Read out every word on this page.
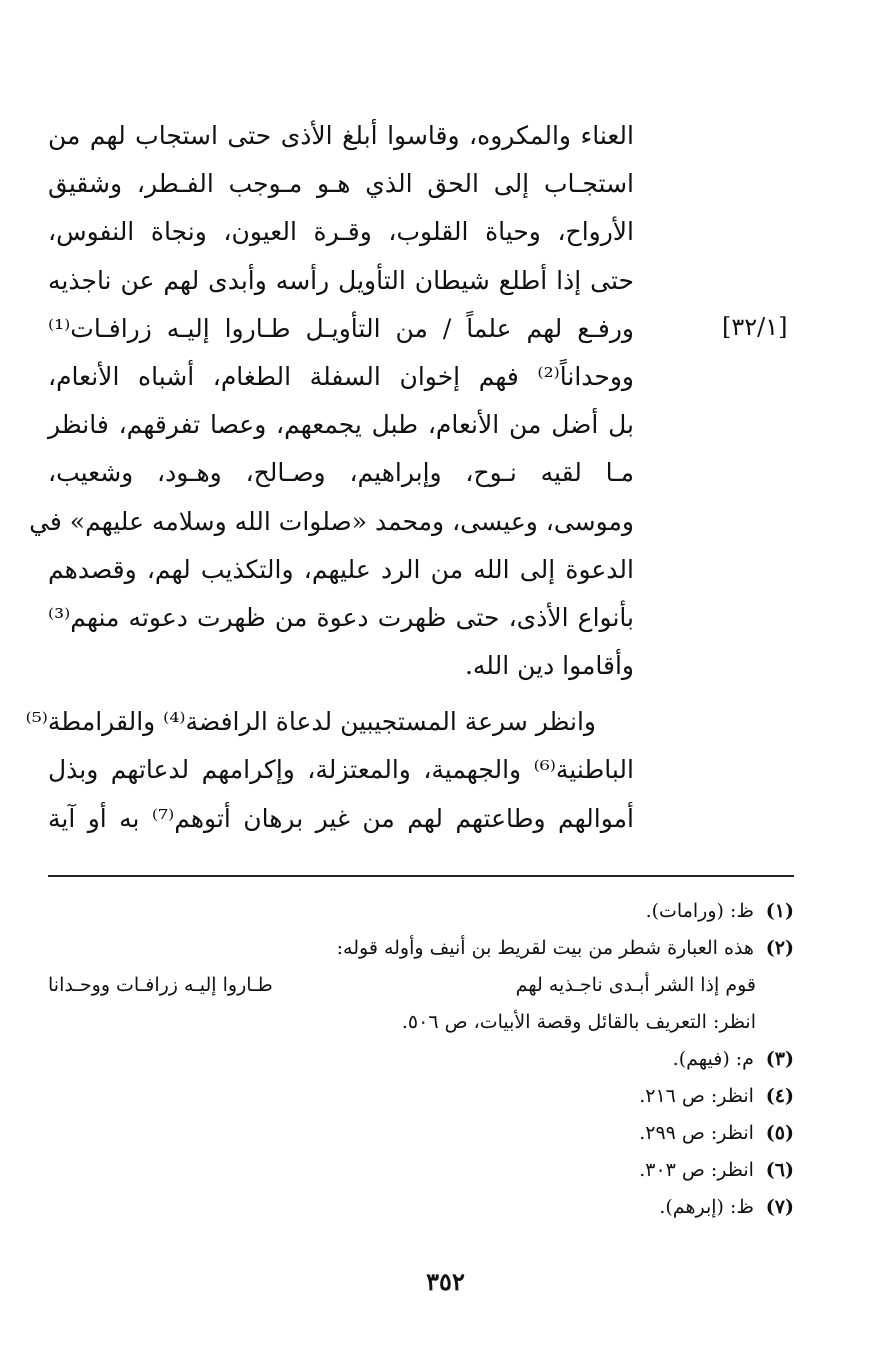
العناء والمكروه، وقاسوا أبلغ الأذى حتى استجاب لهم من
استجـاب إلى الحق الذي هـو مـوجب الفـطر، وشقيق
الأرواح، وحياة القلوب، وقـرة العيون، ونجاة النفوس،
حتى إذا أطلع شيطان التأويل رأسه وأبدى لهم عن ناجذيه
ورفـع لهم علماً / من التأويـل طـاروا إليـه زرافـات⁽¹⁾
ووحداناً⁽²⁾ فهم إخوان السفلة الطغام، أشباه الأنعام،
بل أضل من الأنعام، طبل يجمعهم، وعصا تفرقهم، فانظر
مـا لقيه نـوح، وإبراهيم، وصـالح، وهـود، وشعيب،
وموسى، وعيسى، ومحمد «صلوات الله وسلامه عليهم» في
الدعوة إلى الله من الرد عليهم، والتكذيب لهم، وقصدهم
بأنواع الأذى، حتى ظهرت دعوة من ظهرت دعوته منهم⁽³⁾
وأقاموا دين الله.

وانظر سرعة المستجيبين لدعاة الرافضة⁽⁴⁾ والقرامطة⁽⁵⁾
الباطنية⁽⁶⁾ والجهمية، والمعتزلة، وإكرامهم لدعاتهم وبذل
أموالهم وطاعتهم لهم من غير برهان أتوهم⁽⁷⁾ به أو آية

[٣٢/١]
(١) ظ: (ورامات).
(٢) هذه العبارة شطر من بيت لقريط بن أنيف وأوله قوله:
قوم إذا الشر أبـدى ناجـذيه لهم
طـاروا إليـه زرافـات ووحـدانا
انظر: التعريف بالقائل وقصة الأبيات، ص ٥٠٦.
(٣) م: (فيهم).
(٤) انظر: ص ٢١٦.
(٥) انظر: ص ٢٩٩.
(٦) انظر: ص ٣٠٣.
(٧) ظ: (إبرهم).
٣٥٢
